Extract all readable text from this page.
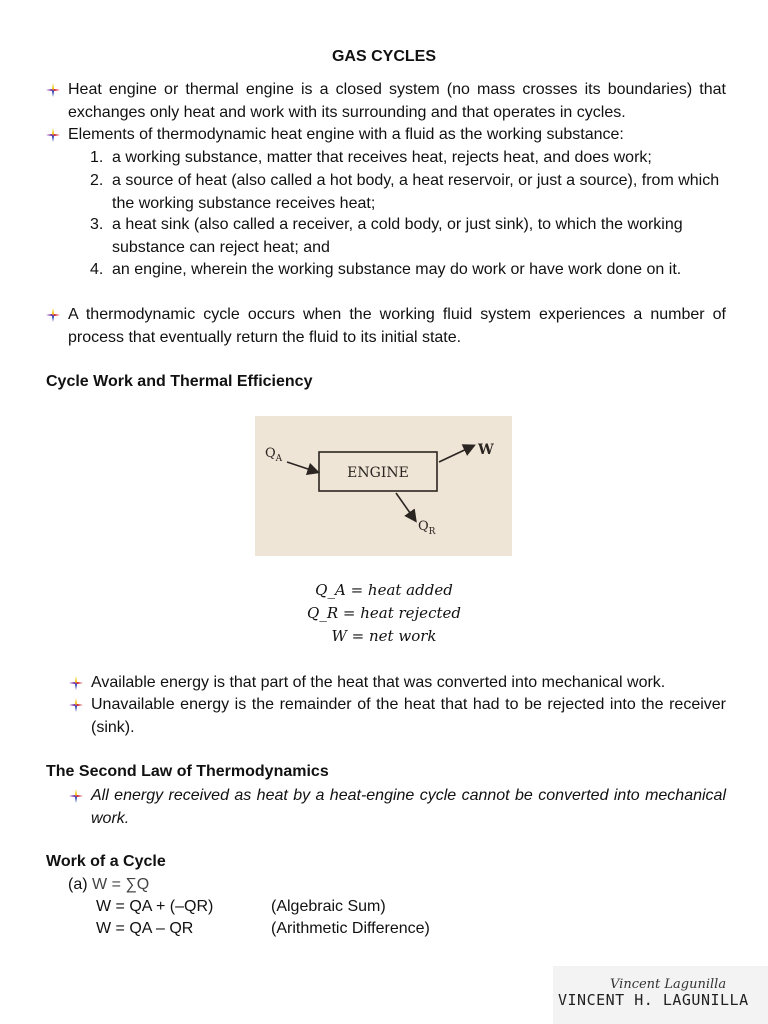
GAS CYCLES
Heat engine or thermal engine is a closed system (no mass crosses its boundaries) that exchanges only heat and work with its surrounding and that operates in cycles.
Elements of thermodynamic heat engine with a fluid as the working substance:
1. a working substance, matter that receives heat, rejects heat, and does work;
2. a source of heat (also called a hot body, a heat reservoir, or just a source), from which the working substance receives heat;
3. a heat sink (also called a receiver, a cold body, or just sink), to which the working substance can reject heat; and
4. an engine, wherein the working substance may do work or have work done on it.
A thermodynamic cycle occurs when the working fluid system experiences a number of process that eventually return the fluid to its initial state.
Cycle Work and Thermal Efficiency
ENGINE
$Q_A$
W
$Q_R$
Q_A = heat added
Q_R = heat rejected
W = net work
Available energy is that part of the heat that was converted into mechanical work.
Unavailable energy is the remainder of the heat that had to be rejected into the receiver (sink).
The Second Law of Thermodynamics
All energy received as heat by a heat-engine cycle cannot be converted into mechanical work.
Work of a Cycle
(a) W = ∑Q
W = QA + (–QR)	(Algebraic Sum)
W = QA – QR	(Arithmetic Difference)
Vincent Lagunilla
VINCENT H. LAGUNILLA
